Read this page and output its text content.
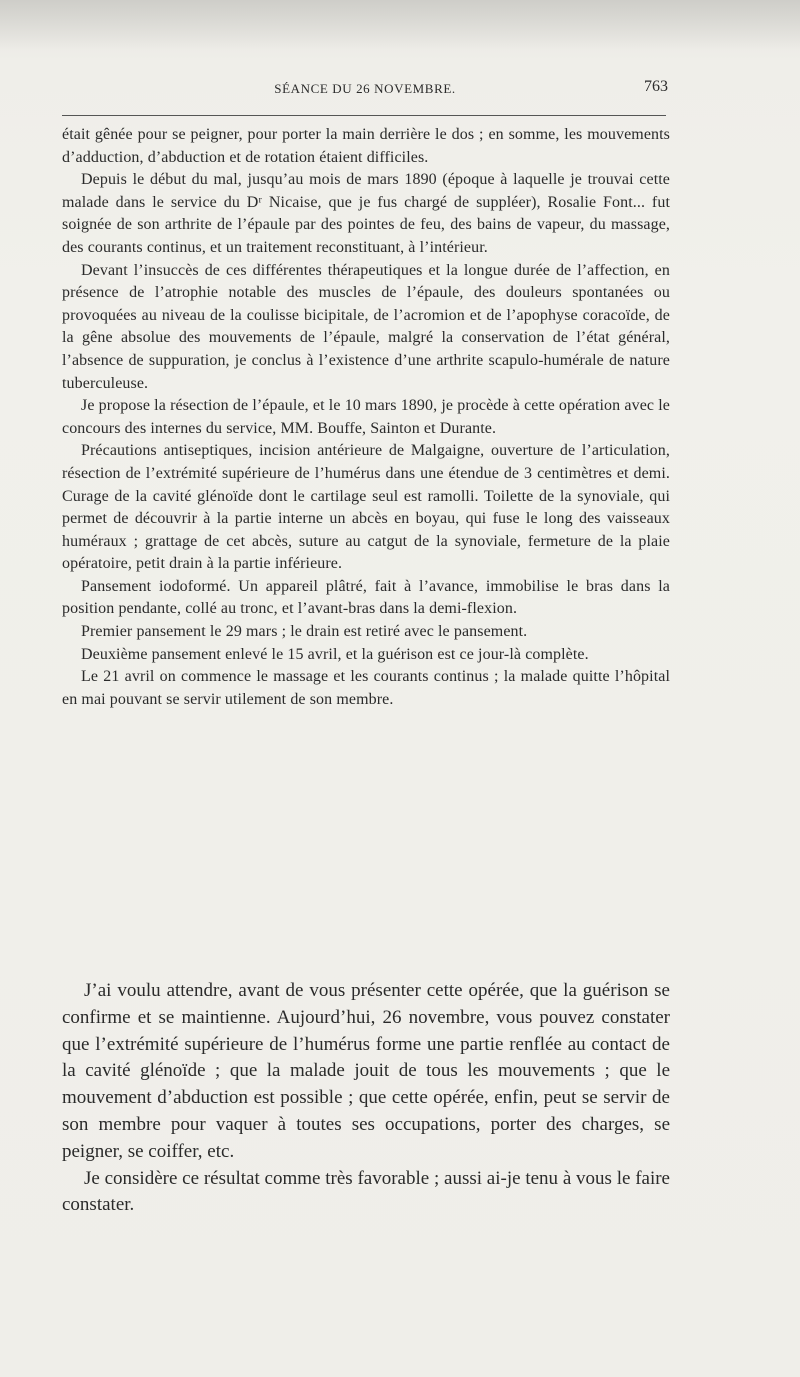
SÉANCE DU 26 NOVEMBRE.	763

était gênée pour se peigner, pour porter la main derrière le dos ; en somme, les mouvements d’adduction, d’abduction et de rotation étaient difficiles.

Depuis le début du mal, jusqu’au mois de mars 1890 (époque à laquelle je trouvai cette malade dans le service du Dʳ Nicaise, que je fus chargé de suppléer), Rosalie Font... fut soignée de son arthrite de l’épaule par des pointes de feu, des bains de vapeur, du massage, des courants continus, et un traitement reconstituant, à l’intérieur.

Devant l’insuccès de ces différentes thérapeutiques et la longue durée de l’affection, en présence de l’atrophie notable des muscles de l’épaule, des douleurs spontanées ou provoquées au niveau de la coulisse bicipitale, de l’acromion et de l’apophyse coracoïde, de la gêne absolue des mouvements de l’épaule, malgré la conservation de l’état général, l’absence de suppuration, je conclus à l’existence d’une arthrite scapulo-humérale de nature tuberculeuse.

Je propose la résection de l’épaule, et le 10 mars 1890, je procède à cette opération avec le concours des internes du service, MM. Bouffe, Sainton et Durante.

Précautions antiseptiques, incision antérieure de Malgaigne, ouverture de l’articulation, résection de l’extrémité supérieure de l’humérus dans une étendue de 3 centimètres et demi. Curage de la cavité glénoïde dont le cartilage seul est ramolli. Toilette de la synoviale, qui permet de découvrir à la partie interne un abcès en boyau, qui fuse le long des vaisseaux huméraux ; grattage de cet abcès, suture au catgut de la synoviale, fermeture de la plaie opératoire, petit drain à la partie inférieure.

Pansement iodoformé. Un appareil plâtré, fait à l’avance, immobilise le bras dans la position pendante, collé au tronc, et l’avant-bras dans la demi-flexion.

Premier pansement le 29 mars ; le drain est retiré avec le pansement.

Deuxième pansement enlevé le 15 avril, et la guérison est ce jour-là complète.

Le 21 avril on commence le massage et les courants continus ; la malade quitte l’hôpital en mai pouvant se servir utilement de son membre.

J’ai voulu attendre, avant de vous présenter cette opérée, que la guérison se confirme et se maintienne. Aujourd’hui, 26 novembre, vous pouvez constater que l’extrémité supérieure de l’humérus forme une partie renflée au contact de la cavité glénoïde ; que la malade jouit de tous les mouvements ; que le mouvement d’abduction est possible ; que cette opérée, enfin, peut se servir de son membre pour vaquer à toutes ses occupations, porter des charges, se peigner, se coiffer, etc.

Je considère ce résultat comme très favorable ; aussi ai-je tenu à vous le faire constater.
